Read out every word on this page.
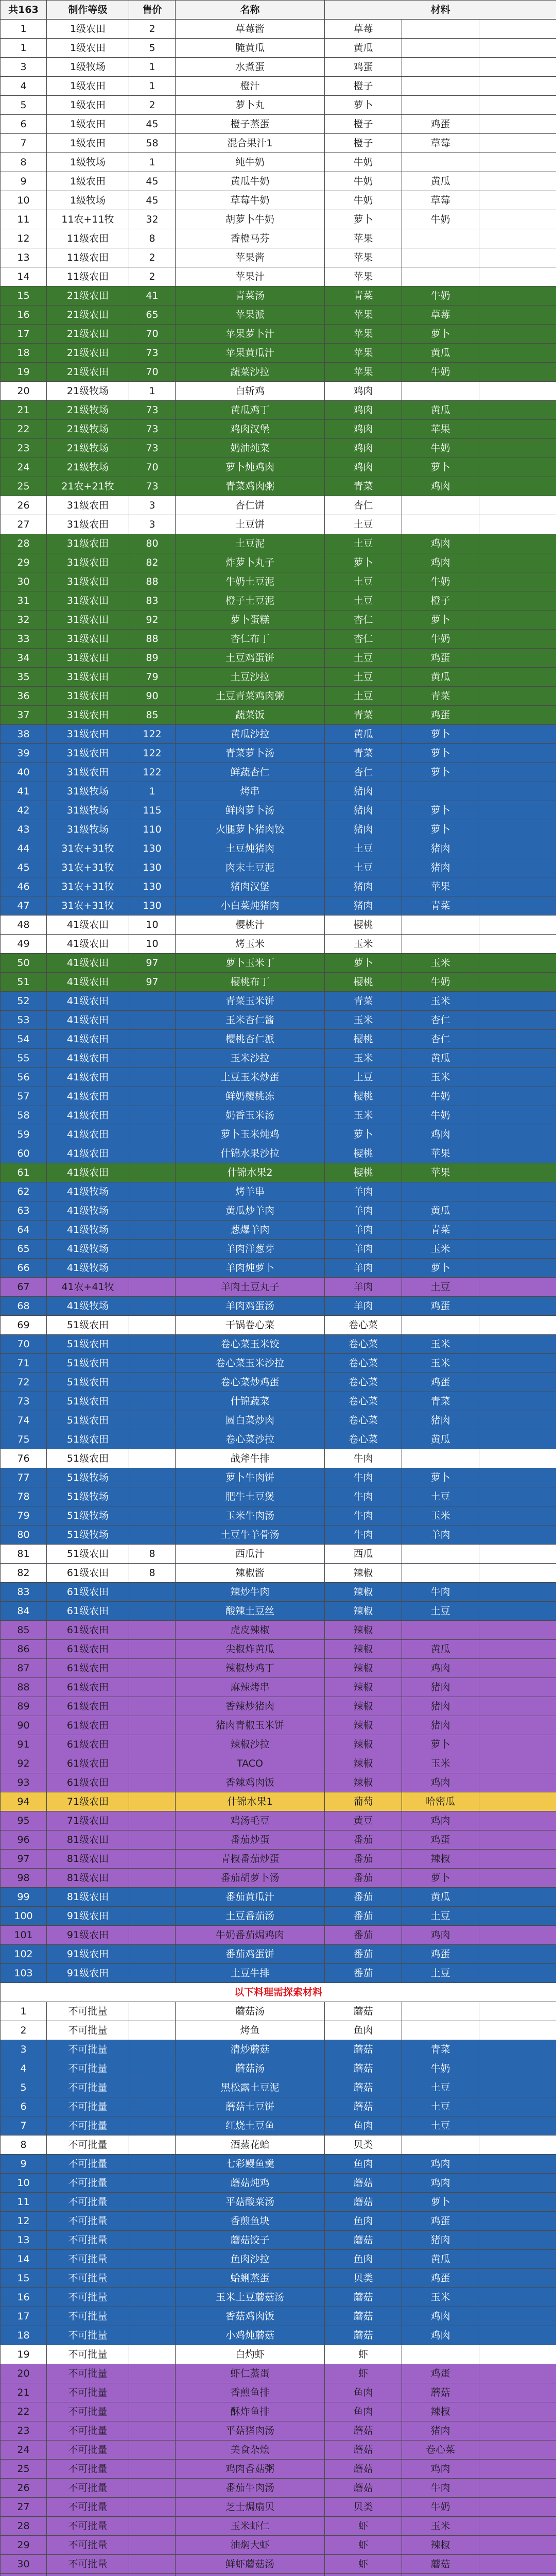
共163	制作等级	售价	名称	材料		
1	1级农田	2	草莓酱	草莓		
1	1级农田	5	腌黄瓜	黄瓜		
3	1级牧场	1	水煮蛋	鸡蛋		
4	1级农田	1	橙汁	橙子		
5	1级农田	2	萝卜丸	萝卜		
6	1级农田	45	橙子蒸蛋	橙子	鸡蛋	
7	1级农田	58	混合果汁1	橙子	草莓	
8	1级牧场	1	纯牛奶	牛奶		
9	1级农田	45	黄瓜牛奶	牛奶	黄瓜	
10	1级牧场	45	草莓牛奶	牛奶	草莓	
11	11农+11牧	32	胡萝卜牛奶	萝卜	牛奶	
12	11级农田	8	香橙马芬	苹果		
13	11级农田	2	苹果酱	苹果		
14	11级农田	2	苹果汁	苹果		
15	21级农田	41	青菜汤	青菜	牛奶	
16	21级农田	65	苹果派	苹果	草莓	
17	21级农田	70	苹果萝卜汁	苹果	萝卜	
18	21级农田	73	苹果黄瓜汁	苹果	黄瓜	
19	21级农田	70	蔬菜沙拉	苹果	牛奶	
20	21级牧场	1	白斩鸡	鸡肉		
21	21级牧场	73	黄瓜鸡丁	鸡肉	黄瓜	
22	21级牧场	73	鸡肉汉堡	鸡肉	苹果	
23	21级牧场	73	奶油炖菜	鸡肉	牛奶	
24	21级牧场	70	萝卜炖鸡肉	鸡肉	萝卜	
25	21农+21牧	73	青菜鸡肉粥	青菜	鸡肉	
26	31级农田	3	杏仁饼	杏仁		
27	31级农田	3	土豆饼	土豆		
28	31级农田	80	土豆泥	土豆	鸡肉	
29	31级农田	82	炸萝卜丸子	萝卜	鸡肉	
30	31级农田	88	牛奶土豆泥	土豆	牛奶	
31	31级农田	83	橙子土豆泥	土豆	橙子	
32	31级农田	92	萝卜蛋糕	杏仁	萝卜	
33	31级农田	88	杏仁布丁	杏仁	牛奶	
34	31级农田	89	土豆鸡蛋饼	土豆	鸡蛋	
35	31级农田	79	土豆沙拉	土豆	黄瓜	
36	31级农田	90	土豆青菜鸡肉粥	土豆	青菜	
37	31级农田	85	蔬菜饭	青菜	鸡蛋	
38	31级农田	122	黄瓜沙拉	黄瓜	萝卜	
39	31级农田	122	青菜萝卜汤	青菜	萝卜	
40	31级农田	122	鲜蔬杏仁	杏仁	萝卜	
41	31级牧场	1	烤串	猪肉		
42	31级牧场	115	鲜肉萝卜汤	猪肉	萝卜	
43	31级牧场	110	火腿萝卜猪肉饺	猪肉	萝卜	
44	31农+31牧	130	土豆炖猪肉	土豆	猪肉	
45	31农+31牧	130	肉末土豆泥	土豆	猪肉	
46	31农+31牧	130	猪肉汉堡	猪肉	苹果	
47	31农+31牧	130	小白菜炖猪肉	猪肉	青菜	
48	41级农田	10	樱桃汁	樱桃		
49	41级农田	10	烤玉米	玉米		
50	41级农田	97	萝卜玉米丁	萝卜	玉米	
51	41级农田	97	樱桃布丁	樱桃	牛奶	
52	41级农田		青菜玉米饼	青菜	玉米	
53	41级农田		玉米杏仁酱	玉米	杏仁	
54	41级农田		樱桃杏仁派	樱桃	杏仁	
55	41级农田		玉米沙拉	玉米	黄瓜	
56	41级农田		土豆玉米炒蛋	土豆	玉米	
57	41级农田		鲜奶樱桃冻	樱桃	牛奶	
58	41级农田		奶香玉米汤	玉米	牛奶	
59	41级农田		萝卜玉米炖鸡	萝卜	鸡肉	
60	41级农田		什锦水果沙拉	樱桃	苹果	
61	41级农田		什锦水果2	樱桃	苹果	
62	41级牧场		烤羊串	羊肉		
63	41级牧场		黄瓜炒羊肉	羊肉	黄瓜	
64	41级牧场		葱爆羊肉	羊肉	青菜	
65	41级牧场		羊肉洋葱芽	羊肉	玉米	
66	41级牧场		羊肉炖萝卜	羊肉	萝卜	
67	41农+41牧		羊肉土豆丸子	羊肉	土豆	
68	41级牧场		羊肉鸡蛋汤	羊肉	鸡蛋	
69	51级农田		干锅卷心菜	卷心菜		
70	51级农田		卷心菜玉米饺	卷心菜	玉米	
71	51级农田		卷心菜玉米沙拉	卷心菜	玉米	
72	51级农田		卷心菜炒鸡蛋	卷心菜	鸡蛋	
73	51级农田		什锦蔬菜	卷心菜	青菜	
74	51级农田		圆白菜炒肉	卷心菜	猪肉	
75	51级农田		卷心菜沙拉	卷心菜	黄瓜	
76	51级农田		战斧牛排	牛肉		
77	51级牧场		萝卜牛肉饼	牛肉	萝卜	
78	51级牧场		肥牛土豆煲	牛肉	土豆	
79	51级牧场		玉米牛肉汤	牛肉	玉米	
80	51级牧场		土豆牛羊骨汤	牛肉	羊肉	
81	51级农田	8	西瓜汁	西瓜		
82	61级农田	8	辣椒酱	辣椒		
83	61级农田		辣炒牛肉	辣椒	牛肉	
84	61级农田		酸辣土豆丝	辣椒	土豆	
85	61级农田		虎皮辣椒	辣椒		
86	61级农田		尖椒炸黄瓜	辣椒	黄瓜	
87	61级农田		辣椒炒鸡丁	辣椒	鸡肉	
88	61级农田		麻辣烤串	辣椒	猪肉	
89	61级农田		香辣炒猪肉	辣椒	猪肉	
90	61级农田		猪肉青椒玉米饼	辣椒	猪肉	
91	61级农田		辣椒沙拉	辣椒	萝卜	
92	61级农田		TACO	辣椒	玉米	
93	61级农田		香辣鸡肉饭	辣椒	鸡肉	
94	71级农田		什锦水果1	葡萄	哈密瓜	
95	71级农田		鸡汤毛豆	黄豆	鸡肉	
96	81级农田		番茄炒蛋	番茄	鸡蛋	
97	81级农田		青椒番茄炒蛋	番茄	辣椒	
98	81级农田		番茄胡萝卜汤	番茄	萝卜	
99	81级农田		番茄黄瓜汁	番茄	黄瓜	
100	91级农田		土豆番茄汤	番茄	土豆	
101	91级农田		牛奶番茄焗鸡肉	番茄	鸡肉	
102	91级农田		番茄鸡蛋饼	番茄	鸡蛋	
103	91级农田		土豆牛排	番茄	土豆	
以下料理需探索材料						
1	不可批量		蘑菇汤	蘑菇		
2	不可批量		烤鱼	鱼肉		
3	不可批量		清炒蘑菇	蘑菇	青菜	
4	不可批量		蘑菇汤	蘑菇	牛奶	
5	不可批量		黑松露土豆泥	蘑菇	土豆	
6	不可批量		蘑菇土豆饼	蘑菇	土豆	
7	不可批量		红烧土豆鱼	鱼肉	土豆	
8	不可批量		酒蒸花蛤	贝类		
9	不可批量		七彩鳗鱼羹	鱼肉	鸡肉	
10	不可批量		蘑菇炖鸡	蘑菇	鸡肉	
11	不可批量		平菇酸菜汤	蘑菇	萝卜	
12	不可批量		香煎鱼块	鱼肉	鸡蛋	
13	不可批量		蘑菇饺子	蘑菇	猪肉	
14	不可批量		鱼肉沙拉	鱼肉	黄瓜	
15	不可批量		蛤蜊蒸蛋	贝类	鸡蛋	
16	不可批量		玉米土豆蘑菇汤	蘑菇	玉米	
17	不可批量		香菇鸡肉饭	蘑菇	鸡肉	
18	不可批量		小鸡炖蘑菇	蘑菇	鸡肉	
19	不可批量		白灼虾	虾		
20	不可批量		虾仁蒸蛋	虾	鸡蛋	
21	不可批量		香煎鱼排	鱼肉	蘑菇	
22	不可批量		酥炸鱼排	鱼肉	辣椒	
23	不可批量		平菇猪肉汤	蘑菇	猪肉	
24	不可批量		美食杂烩	蘑菇	卷心菜	
25	不可批量		鸡肉香菇粥	蘑菇	鸡肉	
26	不可批量		番茄牛肉汤	蘑菇	牛肉	
27	不可批量		芝士焗扇贝	贝类	牛奶	
28	不可批量		玉米虾仁	虾	玉米	
29	不可批量		油焖大虾	虾	辣椒	
30	不可批量		鲜虾蘑菇汤	虾	蘑菇	
